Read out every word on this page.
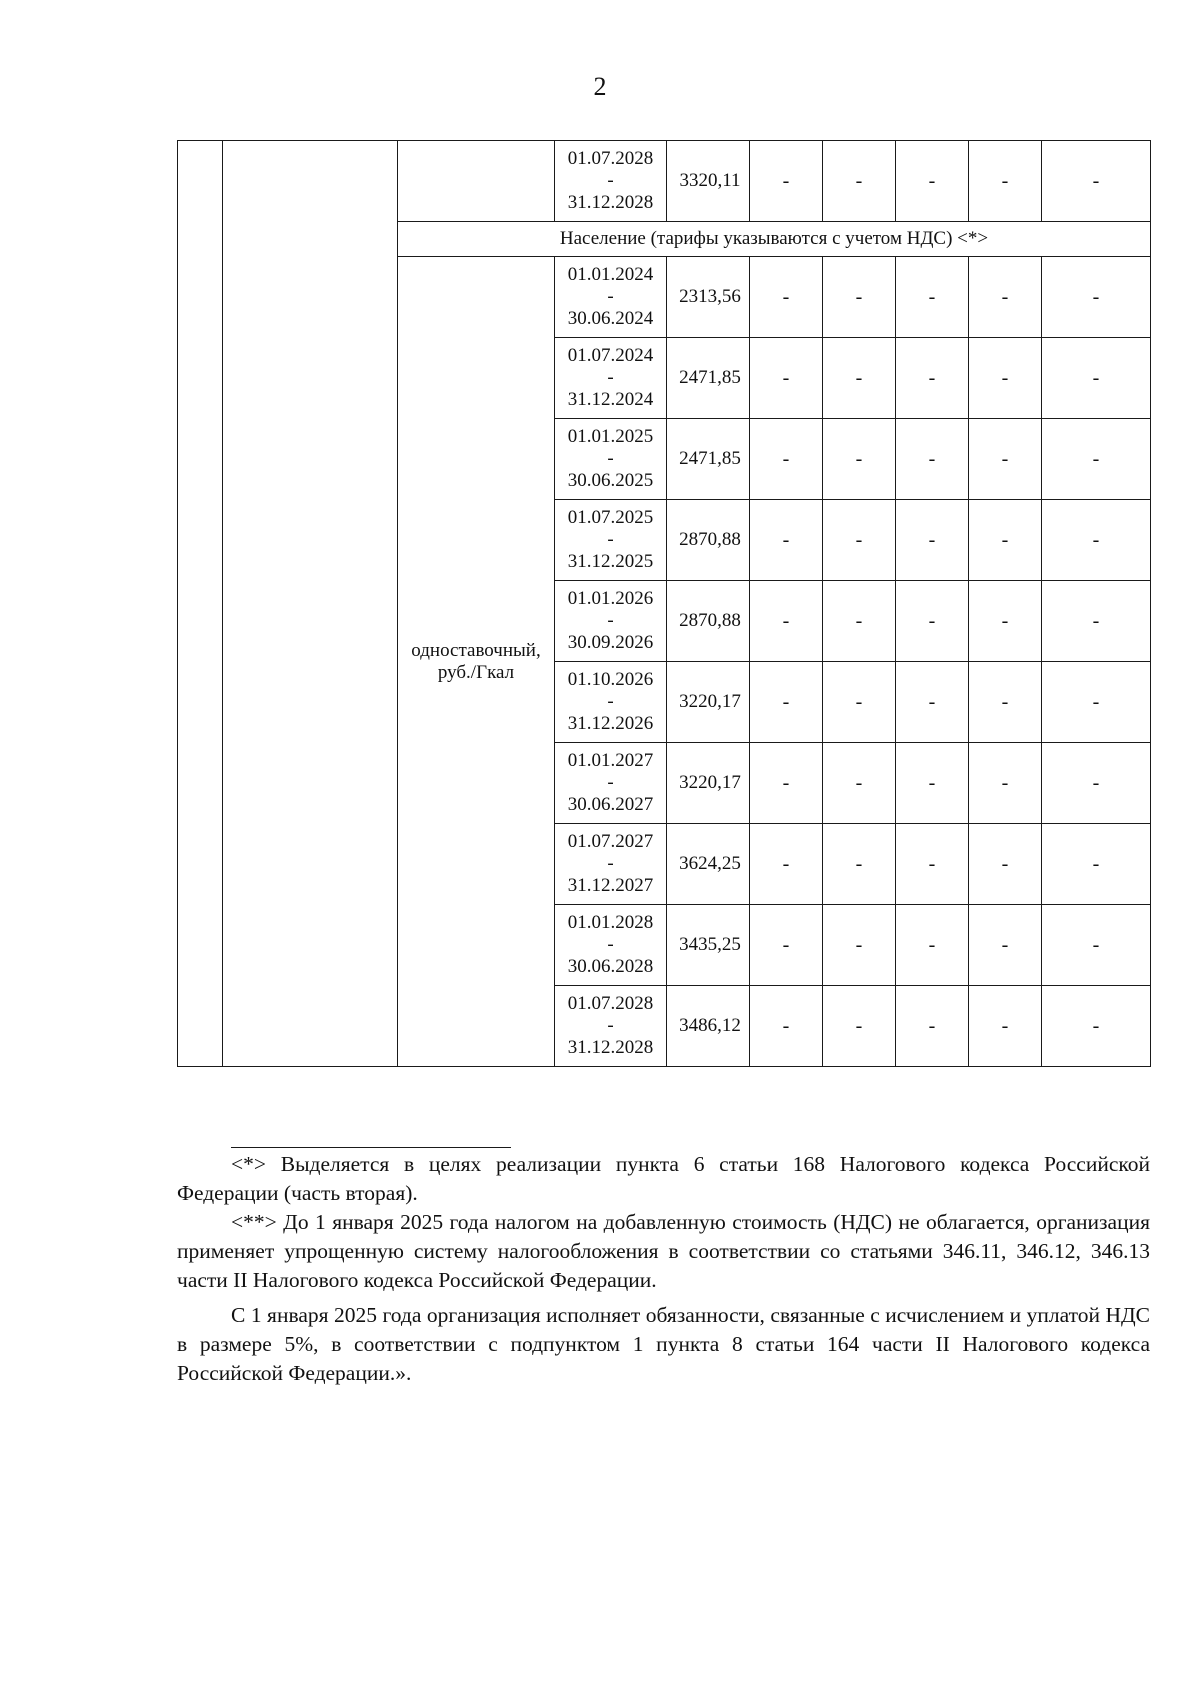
2

			01.07.2028
-
31.12.2028	3320,11	-	-	-	-	-
		Население (тарифы указываются с учетом НДС) <*>							

		одноставочный,
руб./Гкал	01.01.2024
-
30.06.2024	2313,56	-	-	-	-	-

			01.07.2024
-
31.12.2024	2471,85	-	-	-	-	-

			01.01.2025
-
30.06.2025	2471,85	-	-	-	-	-

			01.07.2025
-
31.12.2025	2870,88	-	-	-	-	-

			01.01.2026
-
30.09.2026	2870,88	-	-	-	-	-

			01.10.2026
-
31.12.2026	3220,17	-	-	-	-	-

			01.01.2027
-
30.06.2027	3220,17	-	-	-	-	-

			01.07.2027
-
31.12.2027	3624,25	-	-	-	-	-

			01.01.2028
-
30.06.2028	3435,25	-	-	-	-	-

			01.07.2028
-
31.12.2028	3486,12	-	-	-	-	-

<*> Выделяется в целях реализации пункта 6 статьи 168 Налогового кодекса Российской Федерации (часть вторая).

<**> До 1 января 2025 года налогом на добавленную стоимость (НДС) не облагается, организация применяет упрощенную систему налогообложения в соответствии со статьями 346.11, 346.12, 346.13 части II Налогового кодекса Российской Федерации.

С 1 января 2025 года организация исполняет обязанности, связанные с исчислением и уплатой НДС в размере 5%, в соответствии с подпунктом 1 пункта 8 статьи 164 части II Налогового кодекса Российской Федерации.».
